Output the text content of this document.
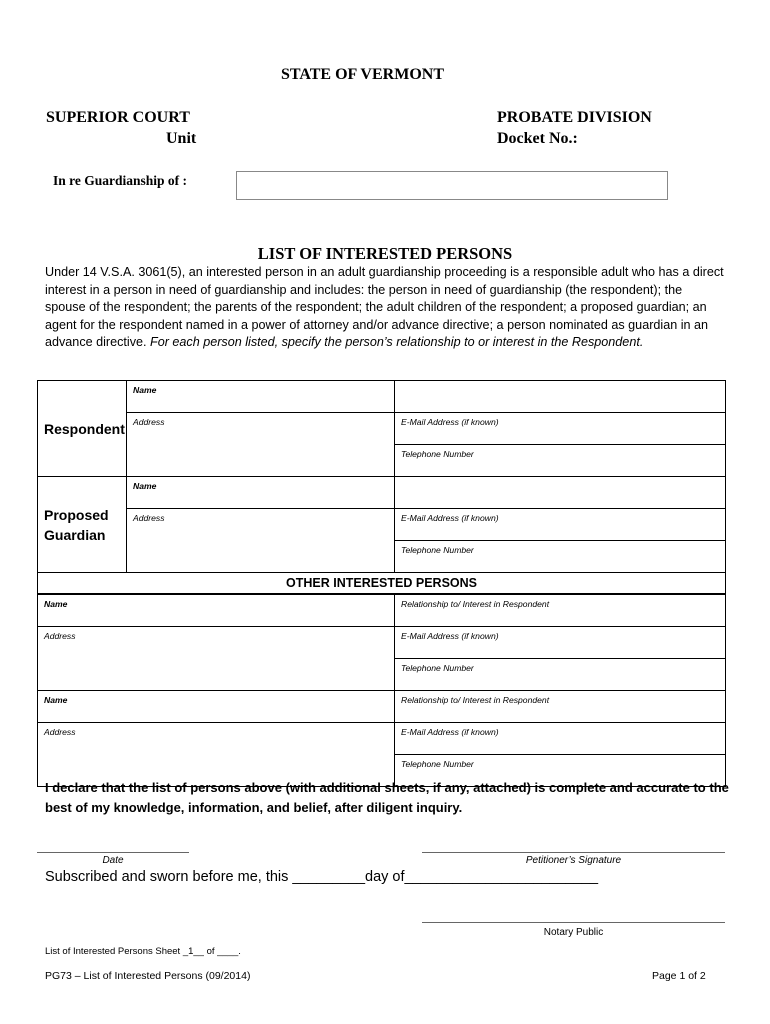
STATE OF VERMONT
SUPERIOR COURT
Unit
PROBATE DIVISION
Docket No.:
In re Guardianship of :
LIST OF INTERESTED PERSONS
Under 14 V.S.A. 3061(5), an interested person in an adult guardianship proceeding is a responsible adult who has a direct interest in a person in need of guardianship and includes: the person in need of guardianship (the respondent); the spouse of the respondent; the parents of the respondent; the adult children of the respondent; a proposed guardian; an agent for the respondent named in a power of attorney and/or advance directive; a person nominated as guardian in an advance directive. For each person listed, specify the person’s relationship to or interest in the Respondent.
Respondent	Name	

	Address	E-Mail Address (if known)

		Telephone Number

Proposed
Guardian	Name	

	Address	E-Mail Address (if known)

		Telephone Number

OTHER INTERESTED PERSONS		

Name		Relationship to/ Interest in Respondent

Address		E-Mail Address (if known)

		Telephone Number

Name		Relationship to/ Interest in Respondent

Address		E-Mail Address (if known)

		Telephone Number
I declare that the list of persons above (with additional sheets, if any, attached) is complete and accurate to the best of my knowledge, information, and belief, after diligent inquiry.
Date	Petitioner’s Signature
Subscribed and sworn before me, this _________day of________________________
Notary Public
List of Interested Persons Sheet _1__ of ____.
PG73 – List of Interested Persons (09/2014)	Page 1 of 2
